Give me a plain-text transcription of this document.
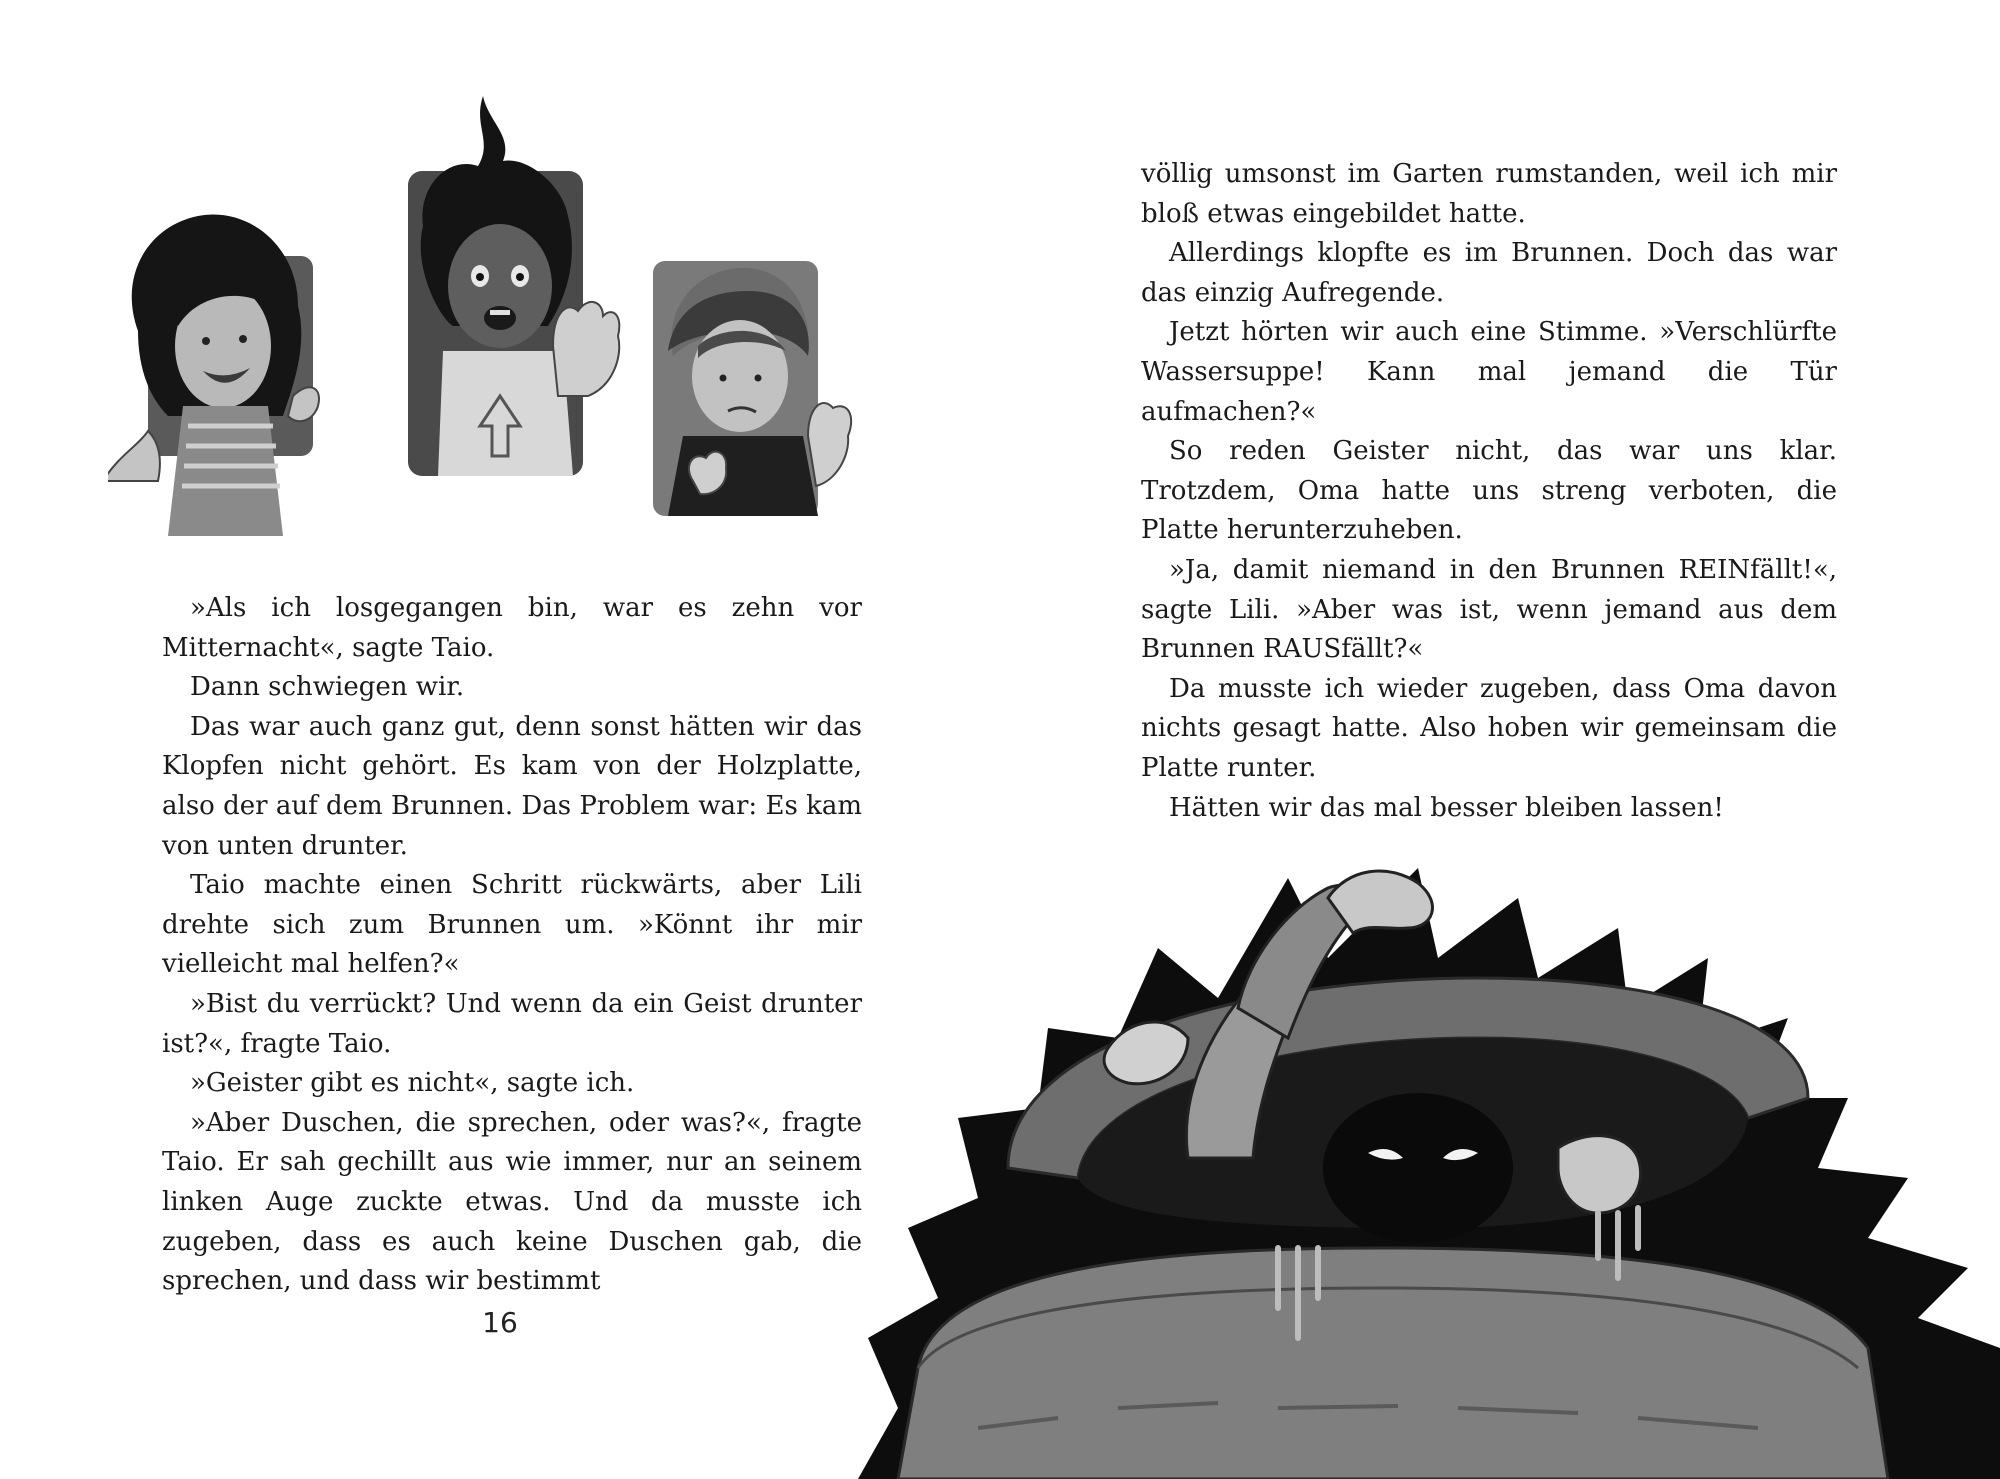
»Als ich losgegangen bin, war es zehn vor Mitternacht«, sagte Taio.

Dann schwiegen wir.

Das war auch ganz gut, denn sonst hätten wir das Klopfen nicht gehört. Es kam von der Holzplatte, also der auf dem Brunnen. Das Problem war: Es kam von unten drunter.

Taio machte einen Schritt rückwärts, aber Lili drehte sich zum Brunnen um. »Könnt ihr mir vielleicht mal helfen?«

»Bist du verrückt? Und wenn da ein Geist drunter ist?«, fragte Taio.

»Geister gibt es nicht«, sagte ich.

»Aber Duschen, die sprechen, oder was?«, fragte Taio. Er sah gechillt aus wie immer, nur an seinem linken Auge zuckte etwas. Und da musste ich zugeben, dass es auch keine Duschen gab, die sprechen, und dass wir bestimmt

16

völlig umsonst im Garten rumstanden, weil ich mir bloß etwas eingebildet hatte.

Allerdings klopfte es im Brunnen. Doch das war das einzig Aufregende.

Jetzt hörten wir auch eine Stimme. »Verschlürfte Wassersuppe! Kann mal jemand die Tür aufmachen?«

So reden Geister nicht, das war uns klar. Trotzdem, Oma hatte uns streng verboten, die Platte herunterzuheben.

»Ja, damit niemand in den Brunnen REINfällt!«, sagte Lili. »Aber was ist, wenn jemand aus dem Brunnen RAUSfällt?«

Da musste ich wieder zugeben, dass Oma davon nichts gesagt hatte. Also hoben wir gemeinsam die Platte runter.

Hätten wir das mal besser bleiben lassen!
